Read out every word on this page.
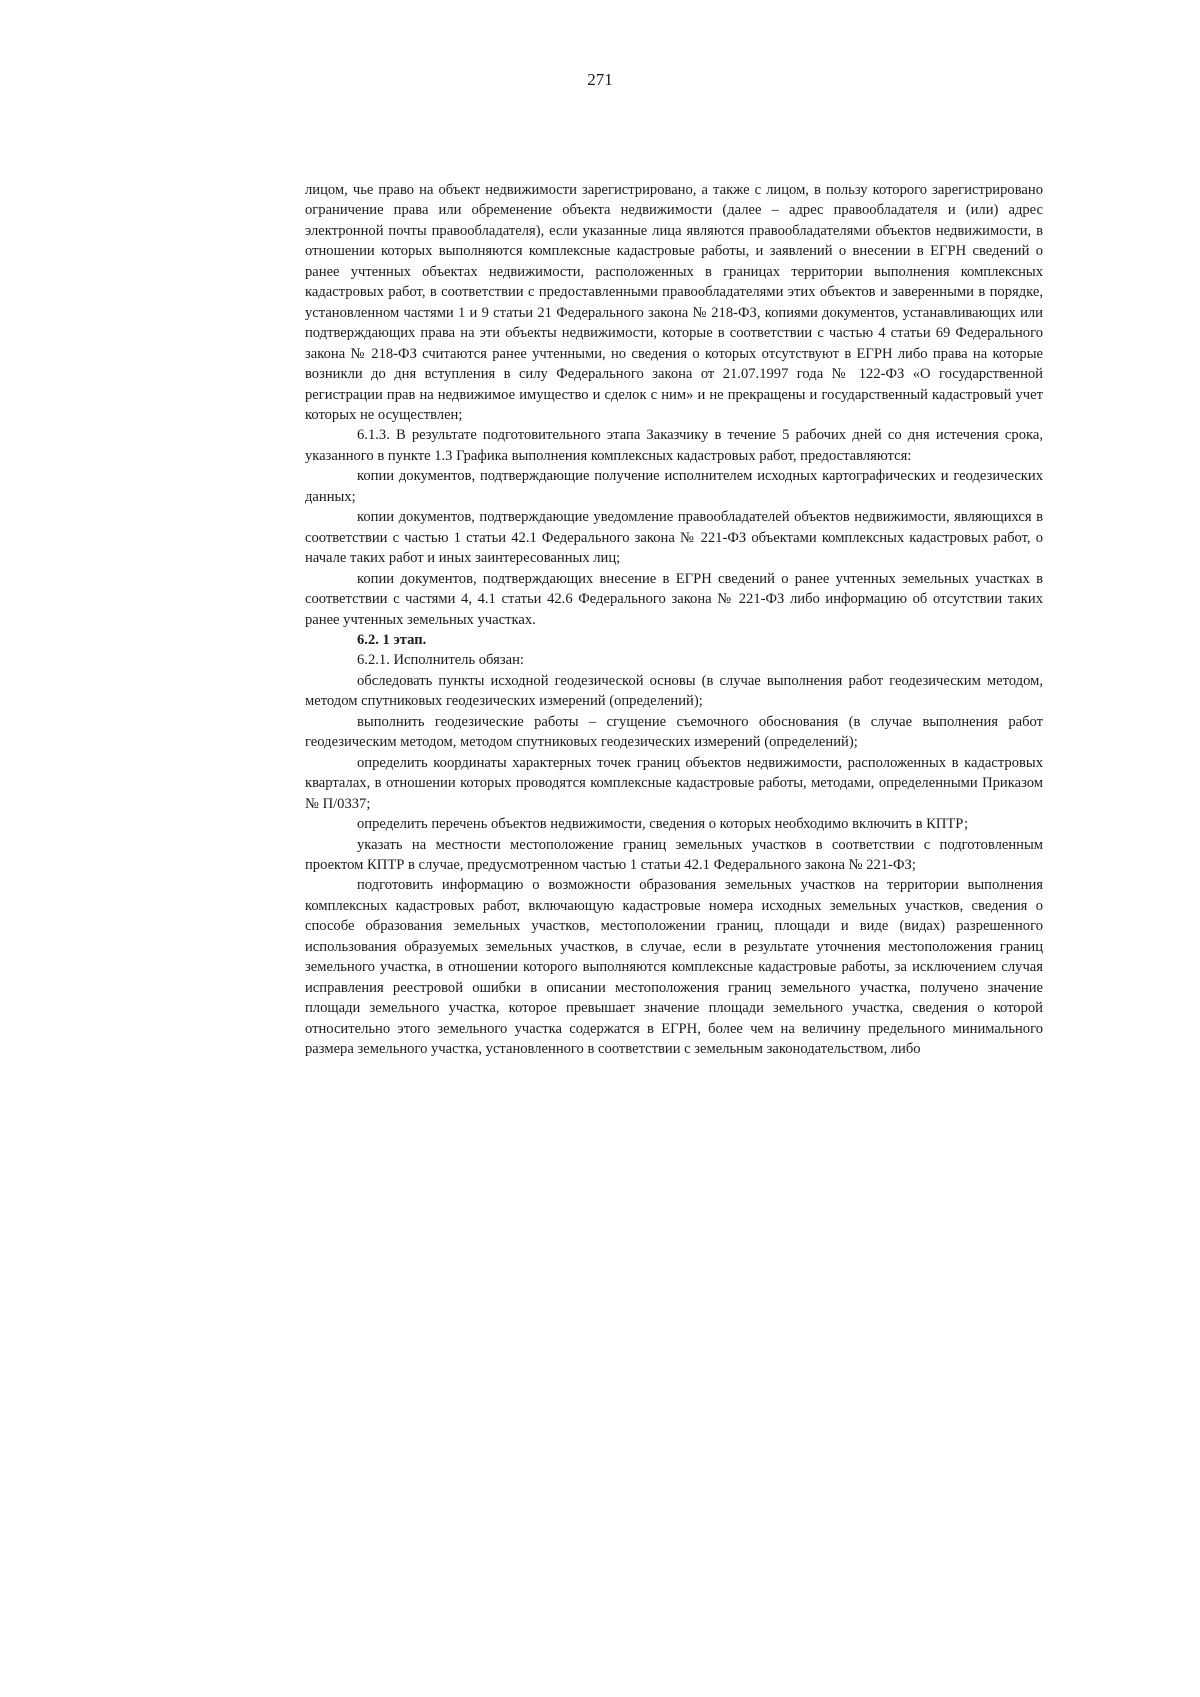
271

лицом, чье право на объект недвижимости зарегистрировано, а также с лицом, в пользу которого зарегистрировано ограничение права или обременение объекта недвижимости (далее – адрес правообладателя и (или) адрес электронной почты правообладателя), если указанные лица являются правообладателями объектов недвижимости, в отношении которых выполняются комплексные кадастровые работы, и заявлений о внесении в ЕГРН сведений о ранее учтенных объектах недвижимости, расположенных в границах территории выполнения комплексных кадастровых работ, в соответствии с предоставленными правообладателями этих объектов и заверенными в порядке, установленном частями 1 и 9 статьи 21 Федерального закона № 218-ФЗ, копиями документов, устанавливающих или подтверждающих права на эти объекты недвижимости, которые в соответствии с частью 4 статьи 69 Федерального закона № 218-ФЗ считаются ранее учтенными, но сведения о которых отсутствуют в ЕГРН либо права на которые возникли до дня вступления в силу Федерального закона от 21.07.1997 года № 122-ФЗ «О государственной регистрации прав на недвижимое имущество и сделок с ним» и не прекращены и государственный кадастровый учет которых не осуществлен;

6.1.3. В результате подготовительного этапа Заказчику в течение 5 рабочих дней со дня истечения срока, указанного в пункте 1.3 Графика выполнения комплексных кадастровых работ, предоставляются:

копии документов, подтверждающие получение исполнителем исходных картографических и геодезических данных;

копии документов, подтверждающие уведомление правообладателей объектов недвижимости, являющихся в соответствии с частью 1 статьи 42.1 Федерального закона № 221-ФЗ объектами комплексных кадастровых работ, о начале таких работ и иных заинтересованных лиц;

копии документов, подтверждающих внесение в ЕГРН сведений о ранее учтенных земельных участках в соответствии с частями 4, 4.1 статьи 42.6 Федерального закона № 221-ФЗ либо информацию об отсутствии таких ранее учтенных земельных участках.

6.2. 1 этап.

6.2.1. Исполнитель обязан:

обследовать пункты исходной геодезической основы (в случае выполнения работ геодезическим методом, методом спутниковых геодезических измерений (определений);

выполнить геодезические работы – сгущение съемочного обоснования (в случае выполнения работ геодезическим методом, методом спутниковых геодезических измерений (определений);

определить координаты характерных точек границ объектов недвижимости, расположенных в кадастровых кварталах, в отношении которых проводятся комплексные кадастровые работы, методами, определенными Приказом № П/0337;

определить перечень объектов недвижимости, сведения о которых необходимо включить в КПТР;

указать на местности местоположение границ земельных участков в соответствии с подготовленным проектом КПТР в случае, предусмотренном частью 1 статьи 42.1 Федерального закона № 221-ФЗ;

подготовить информацию о возможности образования земельных участков на территории выполнения комплексных кадастровых работ, включающую кадастровые номера исходных земельных участков, сведения о способе образования земельных участков, местоположении границ, площади и виде (видах) разрешенного использования образуемых земельных участков, в случае, если в результате уточнения местоположения границ земельного участка, в отношении которого выполняются комплексные кадастровые работы, за исключением случая исправления реестровой ошибки в описании местоположения границ земельного участка, получено значение площади земельного участка, которое превышает значение площади земельного участка, сведения о которой относительно этого земельного участка содержатся в ЕГРН, более чем на величину предельного минимального размера земельного участка, установленного в соответствии с земельным законодательством, либо
